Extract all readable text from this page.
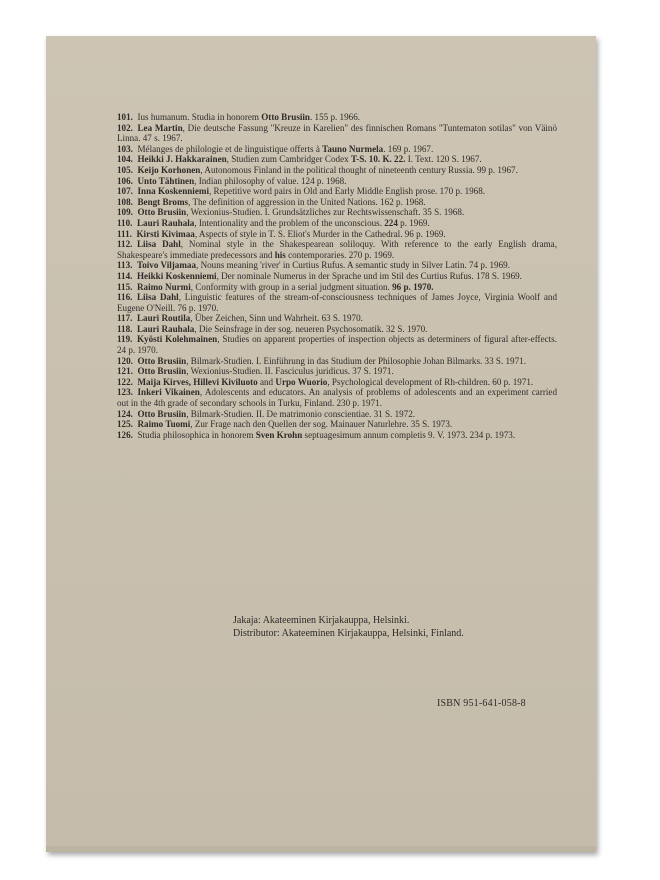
101.  Ius humanum. Studia in honorem Otto Brusiin. 155 p. 1966.

102.  Lea Martin, Die deutsche Fassung "Kreuze in Karelien" des finnischen Romans "Tuntematon sotilas" von Väinö Linna. 47 s. 1967.

103.  Mélanges de philologie et de linguistique offerts à Tauno Nurmela. 169 p. 1967.

104.  Heikki J. Hakkarainen, Studien zum Cambridger Codex T-S. 10. K. 22. I. Text. 120 S. 1967.

105.  Keijo Korhonen, Autonomous Finland in the political thought of nineteenth century Russia. 99 p. 1967.

106.  Unto Tähtinen, Indian philosophy of value. 124 p. 1968.

107.  Inna Koskenniemi, Repetitive word pairs in Old and Early Middle English prose. 170 p. 1968.

108.  Bengt Broms, The definition of aggression in the United Nations. 162 p. 1968.

109.  Otto Brusiin, Wexionius-Studien. I. Grundsätzliches zur Rechtswissenschaft. 35 S. 1968.

110.  Lauri Rauhala, Intentionality and the problem of the unconscious. 224 p. 1969.

111.  Kirsti Kivimaa, Aspects of style in T. S. Eliot's Murder in the Cathedral. 96 p. 1969.

112.  Liisa Dahl, Nominal style in the Shakespearean soliloquy. With reference to the early English drama, Shakespeare's immediate predecessors and his contemporaries. 270 p. 1969.

113.  Toivo Viljamaa, Nouns meaning 'river' in Curtius Rufus. A semantic study in Silver Latin. 74 p. 1969.

114.  Heikki Koskenniemi, Der nominale Numerus in der Sprache und im Stil des Curtius Rufus. 178 S. 1969.

115.  Raimo Nurmi, Conformity with group in a serial judgment situation. 96 p. 1970.

116.  Liisa Dahl, Linguistic features of the stream-of-consciousness techniques of James Joyce, Virginia Woolf and Eugene O'Neill. 76 p. 1970.

117.  Lauri Routila, Über Zeichen, Sinn und Wahrheit. 63 S. 1970.

118.  Lauri Rauhala, Die Seinsfrage in der sog. neueren Psychosomatik. 32 S. 1970.

119.  Kyösti Kolehmainen, Studies on apparent properties of inspection objects as determiners of figural after-effects. 24 p. 1970.

120.  Otto Brusiin, Bilmark-Studien. I. Einführung in das Studium der Philosophie Johan Bilmarks. 33 S. 1971.

121.  Otto Brusiin, Wexionius-Studien. II. Fasciculus juridicus. 37 S. 1971.

122.  Maija Kirves, Hillevi Kiviluoto and Urpo Wuorio, Psychological development of Rh-children. 60 p. 1971.

123.  Inkeri Vikainen, Adolescents and educators. An analysis of problems of adolescents and an experiment carried out in the 4th grade of secondary schools in Turku, Finland. 230 p. 1971.

124.  Otto Brusiin, Bilmark-Studien. II. De matrimonio conscientiae. 31 S. 1972.

125.  Raimo Tuomi, Zur Frage nach den Quellen der sog. Mainauer Naturlehre. 35 S. 1973.

126.  Studia philosophica in honorem Sven Krohn septuagesimum annum completis 9. V. 1973. 234 p. 1973.

Jakaja: Akateeminen Kirjakauppa, Helsinki.
Distributor: Akateeminen Kirjakauppa, Helsinki, Finland.
ISBN 951-641-058-8
